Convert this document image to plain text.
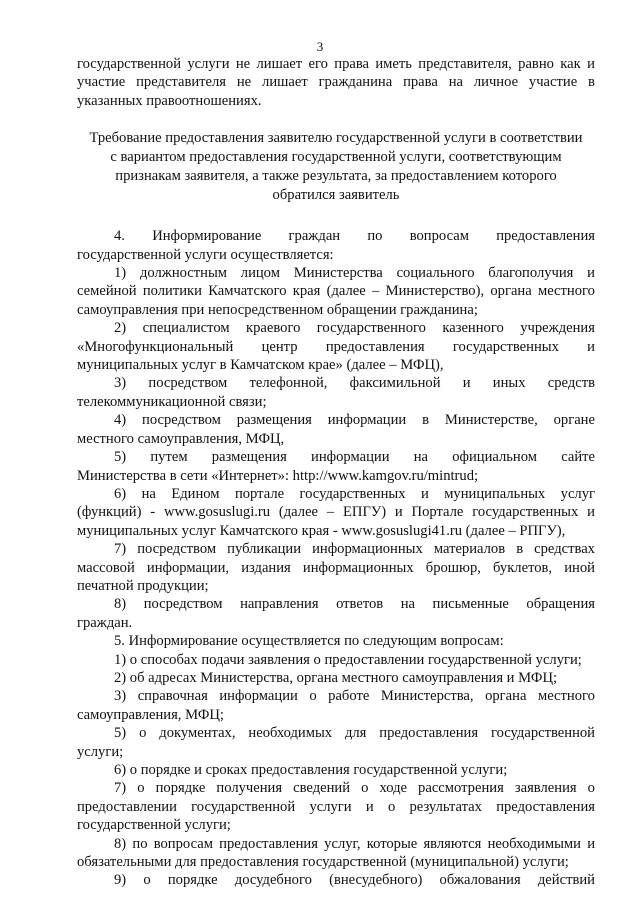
3
государственной услуги не лишает его права иметь представителя, равно как и
участие представителя не лишает гражданина права на личное участие в
указанных правоотношениях.
Требование предоставления заявителю государственной услуги в соответствии
с вариантом предоставления государственной услуги, соответствующим
признакам заявителя, а также результата, за предоставлением которого
обратился заявитель
4. Информирование граждан по вопросам предоставления
государственной услуги осуществляется:
1) должностным лицом Министерства социального благополучия и
семейной политики Камчатского края (далее – Министерство), органа местного
самоуправления при непосредственном обращении гражданина;
2) специалистом краевого государственного казенного учреждения
«Многофункциональный центр предоставления государственных и
муниципальных услуг в Камчатском крае» (далее – МФЦ),
3) посредством телефонной, факсимильной и иных средств
телекоммуникационной связи;
4) посредством размещения информации в Министерстве, органе
местного самоуправления, МФЦ,
5) путем размещения информации на официальном сайте
Министерства в сети «Интернет»: http://www.kamgov.ru/mintrud;
6) на Едином портале государственных и муниципальных услуг
(функций) - www.gosuslugi.ru (далее – ЕПГУ) и Портале государственных и
муниципальных услуг Камчатского края - www.gosuslugi41.ru (далее – РПГУ),
7) посредством публикации информационных материалов в средствах
массовой информации, издания информационных брошюр, буклетов, иной
печатной продукции;
8) посредством направления ответов на письменные обращения
граждан.
5. Информирование осуществляется по следующим вопросам:
1) о способах подачи заявления о предоставлении государственной услуги;
2) об адресах Министерства, органа местного самоуправления и МФЦ;
3) справочная информации о работе Министерства, органа местного
самоуправления, МФЦ;
5) о документах, необходимых для предоставления государственной
услуги;
6) о порядке и сроках предоставления государственной услуги;
7) о порядке получения сведений о ходе рассмотрения заявления о
предоставлении государственной услуги и о результатах предоставления
государственной услуги;
8) по вопросам предоставления услуг, которые являются необходимыми и
обязательными для предоставления государственной (муниципальной) услуги;
9) о порядке досудебного (внесудебного) обжалования действий
